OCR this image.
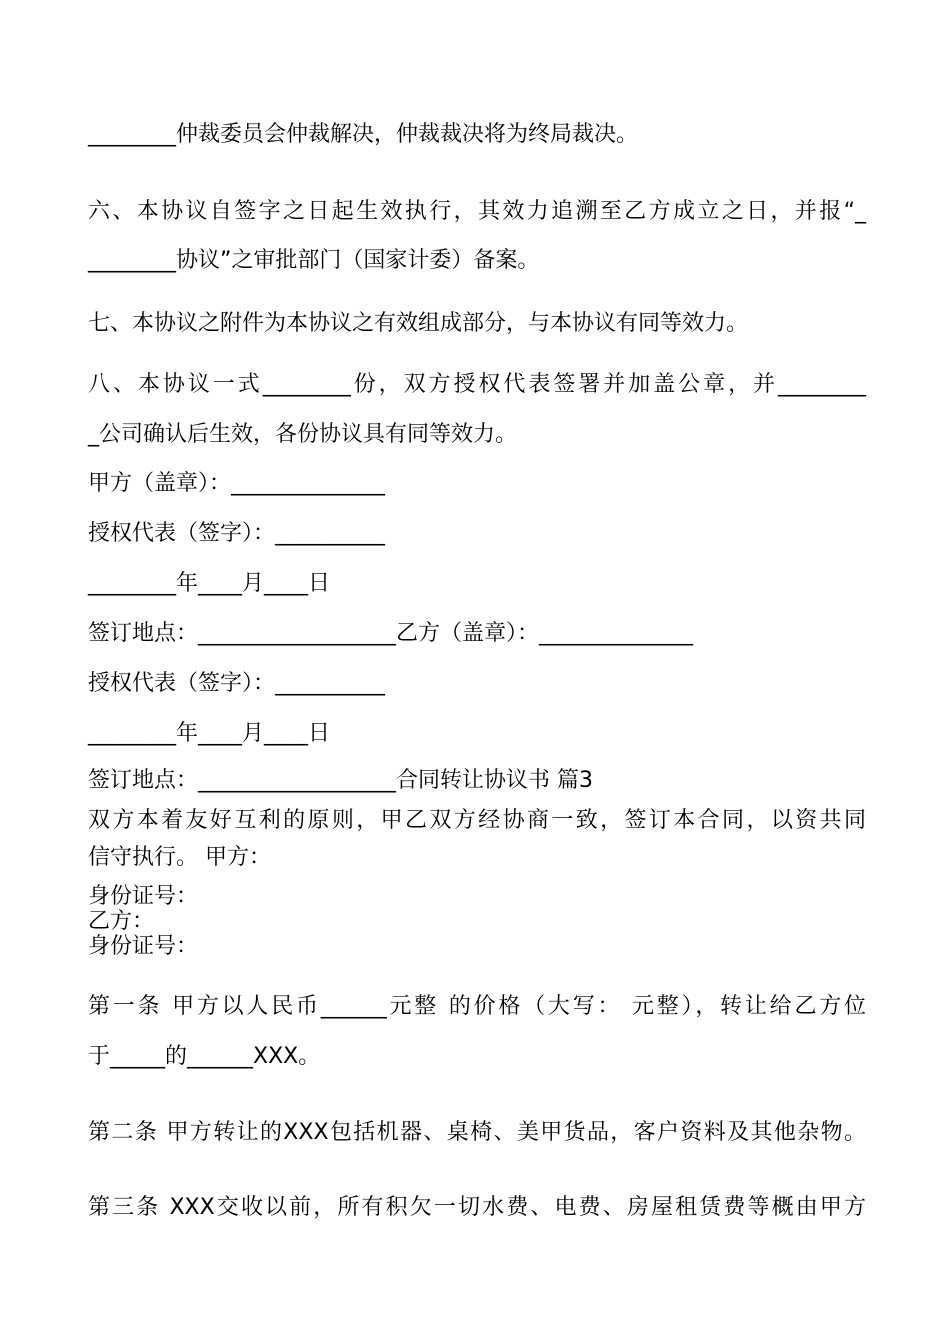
________仲裁委员会仲裁解决，仲裁裁决将为终局裁决。
六、本协议自签字之日起生效执行，其效力追溯至乙方成立之日，并报“_
________协议”之审批部门（国家计委）备案。
七、本协议之附件为本协议之有效组成部分，与本协议有同等效力。
八、本协议一式________份，双方授权代表签署并加盖公章，并________
_公司确认后生效，各份协议具有同等效力。
甲方（盖章）：______________
授权代表（签字）：__________
________年____月____日
签订地点：__________________乙方（盖章）：______________
授权代表（签字）：__________
________年____月____日
签订地点：__________________合同转让协议书 篇3
双方本着友好互利的原则，甲乙双方经协商一致，签订本合同，以资共同
信守执行。 甲方：
身份证号：
乙方：
身份证号：
第一条 甲方以人民币______元整 的价格（大写： 元整），转让给乙方位
于_____的______XXX。
第二条 甲方转让的XXX包括机器、桌椅、美甲货品，客户资料及其他杂物。
第三条 XXX交收以前，所有积欠一切水费、电费、房屋租赁费等概由甲方
